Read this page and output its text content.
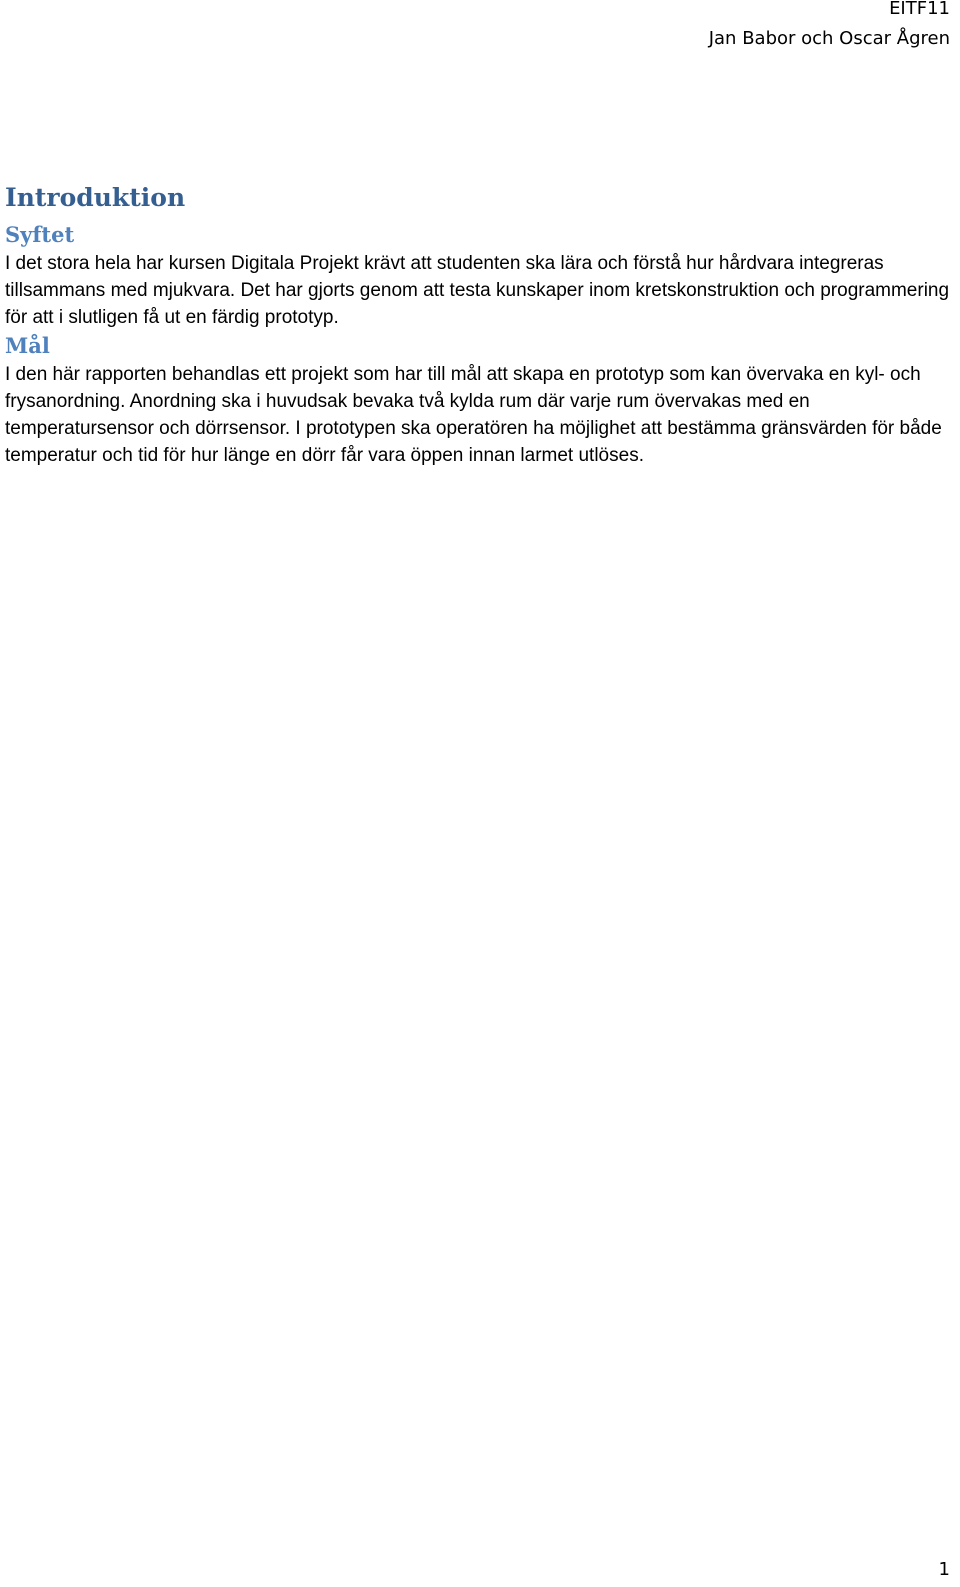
EITF11
Jan Babor och Oscar Ågren
Introduktion
Syftet

I det stora hela har kursen Digitala Projekt krävt att studenten ska lära och förstå hur hårdvara integreras tillsammans med mjukvara. Det har gjorts genom att testa kunskaper inom kretskonstruktion och programmering för att i slutligen få ut en färdig prototyp.

Mål

I den här rapporten behandlas ett projekt som har till mål att skapa en prototyp som kan övervaka en kyl- och frysanordning. Anordning ska i huvudsak bevaka två kylda rum där varje rum övervakas med en temperatursensor och dörrsensor. I prototypen ska operatören ha möjlighet att bestämma gränsvärden för både temperatur och tid för hur länge en dörr får vara öppen innan larmet utlöses.

1
